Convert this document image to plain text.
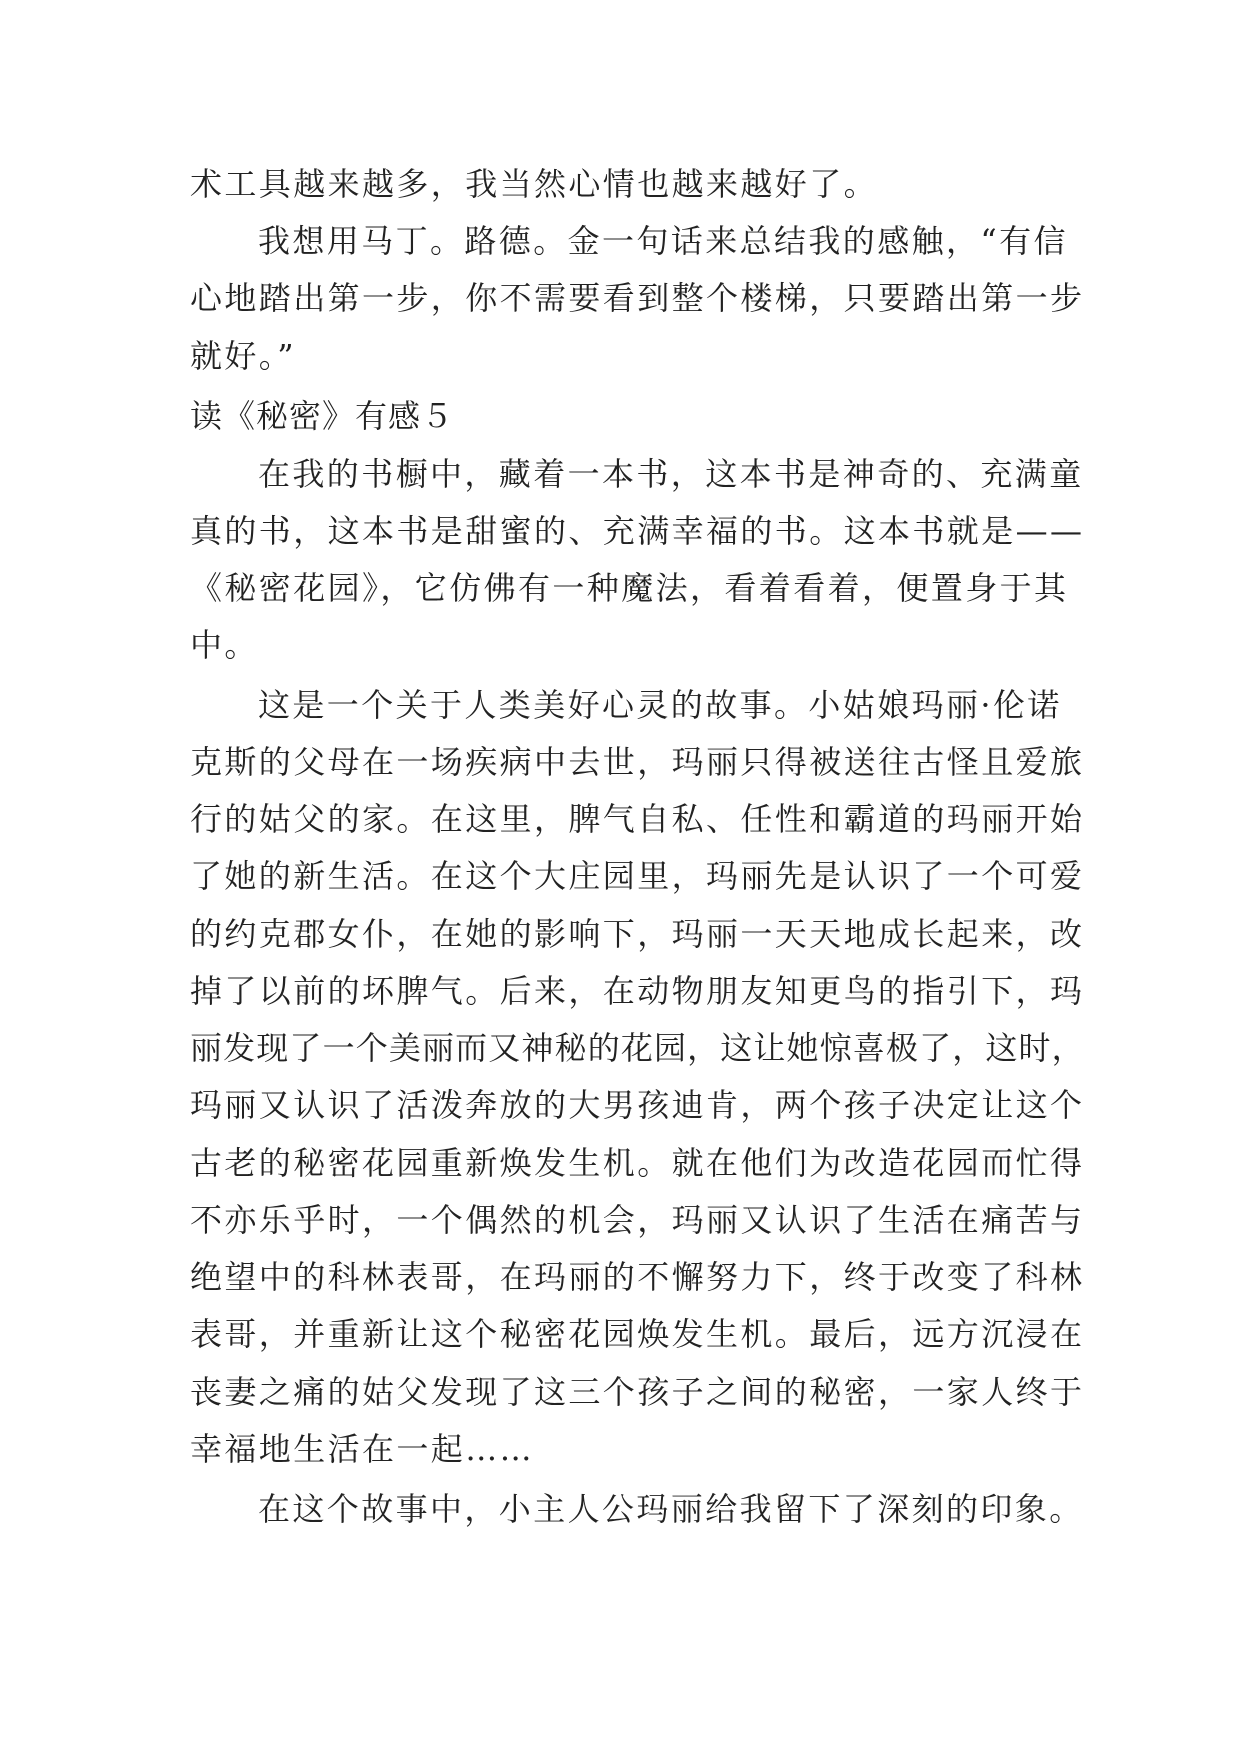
术工具越来越多，我当然心情也越来越好了。

我想用马丁。路德。金一句话来总结我的感触，“有信

心地踏出第一步，你不需要看到整个楼梯，只要踏出第一步

就好。”

读《秘密》有感５

在我的书橱中，藏着一本书，这本书是神奇的、充满童

真的书，这本书是甜蜜的、充满幸福的书。这本书就是——

《秘密花园》，它仿佛有一种魔法，看着看着，便置身于其

中。

这是一个关于人类美好心灵的故事。小姑娘玛丽·伦诺

克斯的父母在一场疾病中去世，玛丽只得被送往古怪且爱旅

行的姑父的家。在这里，脾气自私、任性和霸道的玛丽开始

了她的新生活。在这个大庄园里，玛丽先是认识了一个可爱

的约克郡女仆，在她的影响下，玛丽一天天地成长起来，改

掉了以前的坏脾气。后来，在动物朋友知更鸟的指引下，玛

丽发现了一个美丽而又神秘的花园，这让她惊喜极了，这时，

玛丽又认识了活泼奔放的大男孩迪肯，两个孩子决定让这个

古老的秘密花园重新焕发生机。就在他们为改造花园而忙得

不亦乐乎时，一个偶然的机会，玛丽又认识了生活在痛苦与

绝望中的科林表哥，在玛丽的不懈努力下，终于改变了科林

表哥，并重新让这个秘密花园焕发生机。最后，远方沉浸在

丧妻之痛的姑父发现了这三个孩子之间的秘密，一家人终于

幸福地生活在一起……

在这个故事中，小主人公玛丽给我留下了深刻的印象。
